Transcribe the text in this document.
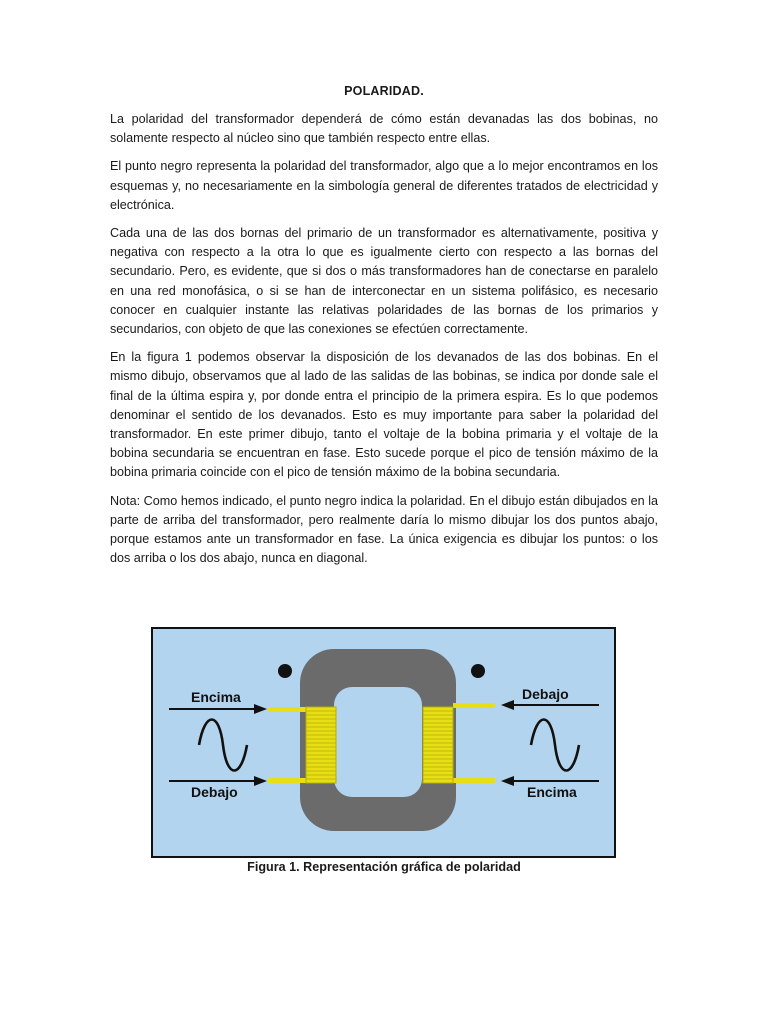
POLARIDAD.

La polaridad del transformador dependerá de cómo están devanadas las dos bobinas, no solamente respecto al núcleo sino que también respecto entre ellas.

El punto negro representa la polaridad del transformador, algo que a lo mejor encontramos en los esquemas y, no necesariamente en la simbología general de diferentes tratados de electricidad y electrónica.

Cada una de las dos bornas del primario de un transformador es alternativamente, positiva y negativa con respecto a la otra lo que es igualmente cierto con respecto a las bornas del secundario. Pero, es evidente, que si dos o más transformadores han de conectarse en paralelo en una red monofásica, o si se han de interconectar en un sistema polifásico, es necesario conocer en cualquier instante las relativas polaridades de las bornas de los primarios y secundarios, con objeto de que las conexiones se efectúen correctamente.

En la figura 1 podemos observar la disposición de los devanados de las dos bobinas. En el mismo dibujo, observamos que al lado de las salidas de las bobinas, se indica por donde sale el final de la última espira y, por donde entra el principio de la primera espira. Es lo que podemos denominar el sentido de los devanados. Esto es muy importante para saber la polaridad del transformador. En este primer dibujo, tanto el voltaje de la bobina primaria y el voltaje de la bobina secundaria se encuentran en fase. Esto sucede porque el pico de tensión máximo de la bobina primaria coincide con el pico de tensión máximo de la bobina secundaria.

Nota: Como hemos indicado, el punto negro indica la polaridad. En el dibujo están dibujados en la parte de arriba del transformador, pero realmente daría lo mismo dibujar los dos puntos abajo, porque estamos ante un transformador en fase. La única exigencia es dibujar los puntos: o los dos arriba o los dos abajo, nunca en diagonal.

Encima
Debajo
Debajo
Encima
Figura 1. Representación gráfica de polaridad
